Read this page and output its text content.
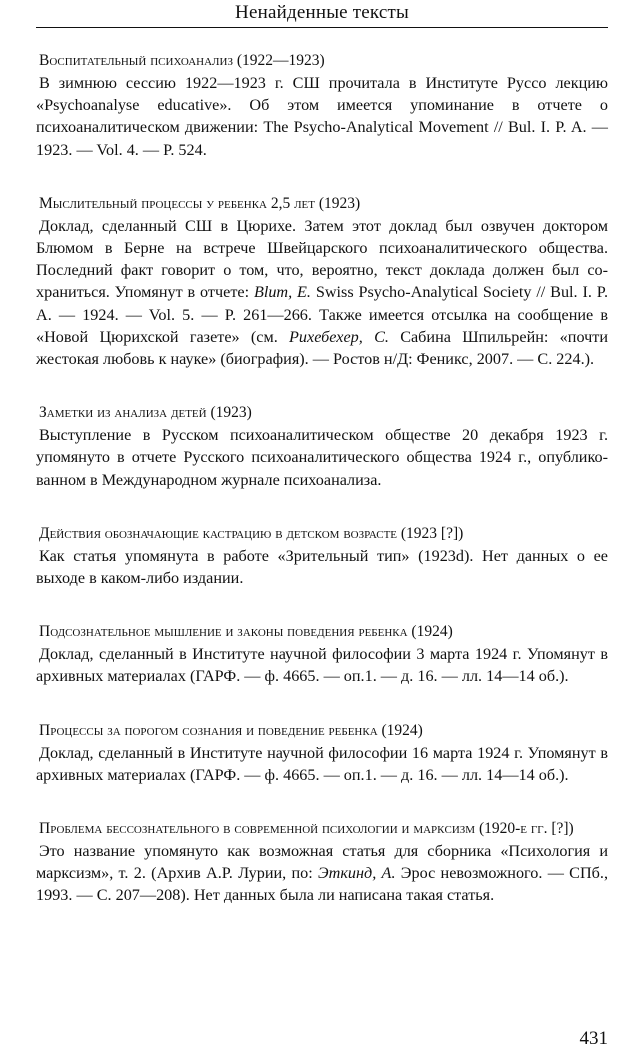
Ненайденные тексты
Воспитательный психоанализ (1922—1923)
В зимнюю сессию 1922—1923 г. СШ прочитала в Институте Руссо лекцию «Psychoanalyse educative». Об этом имеется упоминание в отчете о психоаналитическом движении: The Psycho-Analytical Movement // Bul. I. P. A. — 1923. — Vol. 4. — P. 524.
Мыслительный процессы у ребенка 2,5 лет (1923)
Доклад, сделанный СШ в Цюрихе. Затем этот доклад был озвучен доктором Блюмом в Берне на встрече Швейцарского психоаналитического общества. Последний факт говорит о том, что, вероятно, текст доклада должен был сохраниться. Упомянут в отчете: Blum, E. Swiss Psycho-Analytical Society // Bul. I. P. A. — 1924. — Vol. 5. — P. 261—266. Также имеется отсылка на сообщение в «Новой Цюрихской газете» (см. Рихебехер, С. Сабина Шпильрейн: «почти жестокая любовь к науке» (биография). — Ростов н/Д: Феникс, 2007. — С. 224.).
Заметки из анализа детей (1923)
Выступление в Русском психоаналитическом обществе 20 декабря 1923 г. упомянуто в отчете Русского психоаналитического общества 1924 г., опубликованном в Международном журнале психоанализа.
Действия обозначающие кастрацию в детском возрасте (1923 [?])
Как статья упомянута в работе «Зрительный тип» (1923d). Нет данных о ее выходе в каком-либо издании.
Подсознательное мышление и законы поведения ребенка (1924)
Доклад, сделанный в Институте научной философии 3 марта 1924 г. Упомянут в архивных материалах (ГАРФ. — ф. 4665. — оп.1. — д. 16. — лл. 14—14 об.).
Процессы за порогом сознания и поведение ребенка (1924)
Доклад, сделанный в Институте научной философии 16 марта 1924 г. Упомянут в архивных материалах (ГАРФ. — ф. 4665. — оп.1. — д. 16. — лл. 14—14 об.).
Проблема бессознательного в современной психологии и марксизм (1920-е гг. [?])
Это название упомянуто как возможная статья для сборника «Психология и марксизм», т. 2. (Архив А.Р. Лурии, по: Эткинд, А. Эрос невозможного. — СПб., 1993. — С. 207—208). Нет данных была ли написана такая статья.
431
